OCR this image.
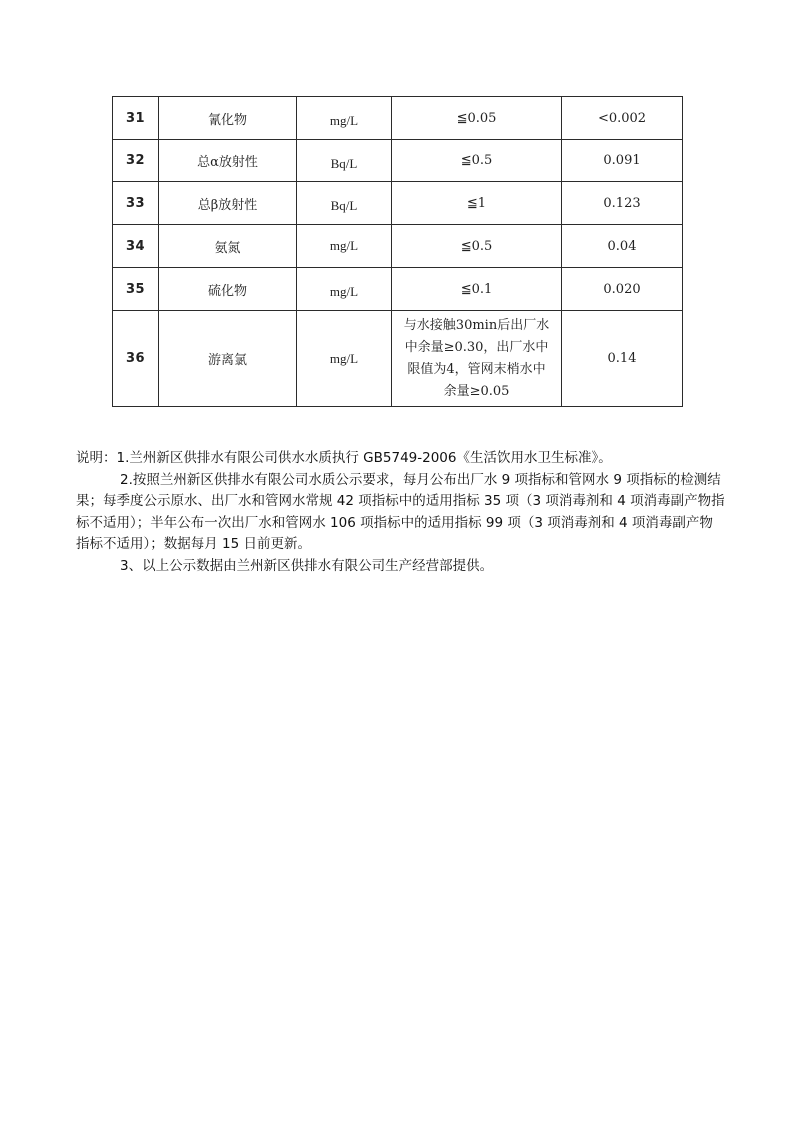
31	氰化物	mg/L	≦0.05	<0.002
32	总α放射性	Bq/L	≦0.5	0.091
33	总β放射性	Bq/L	≦1	0.123
34	氨氮	mg/L	≦0.5	0.04
35	硫化物	mg/L	≦0.1	0.020
36	游离氯	mg/L	与水接触30min后出厂水
中余量≥0.30，出厂水中
限值为4，管网末梢水中
余量≥0.05	0.14

说明：1.兰州新区供排水有限公司供水水质执行 GB5749-2006《生活饮用水卫生标准》。

2.按照兰州新区供排水有限公司水质公示要求，每月公布出厂水 9 项指标和管网水 9 项指标的检测结果；每季度公示原水、出厂水和管网水常规 42 项指标中的适用指标 35 项（3 项消毒剂和 4 项消毒副产物指标不适用）；半年公布一次出厂水和管网水 106 项指标中的适用指标 99 项（3 项消毒剂和 4 项消毒副产物指标不适用）；数据每月 15 日前更新。

3、以上公示数据由兰州新区供排水有限公司生产经营部提供。
